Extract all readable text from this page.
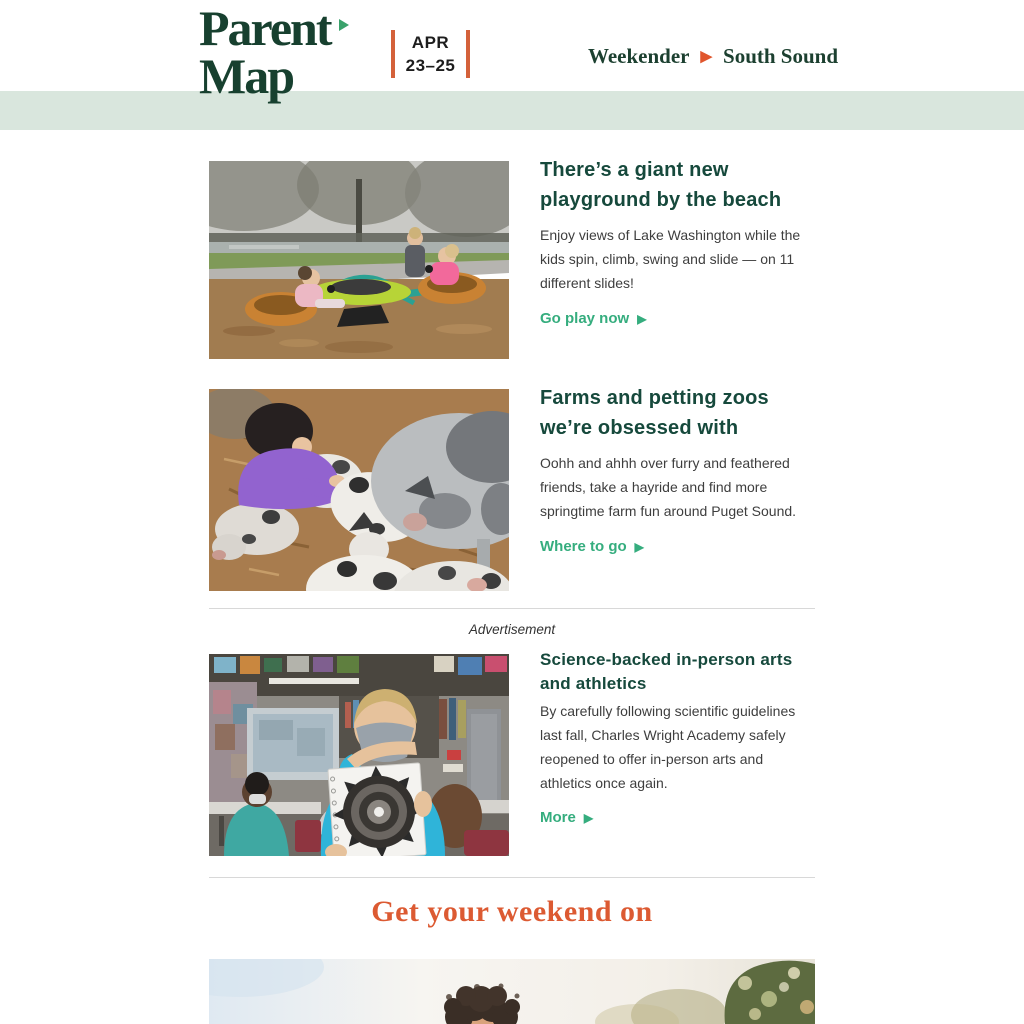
Parent
Map
APR
23–25	Weekender ▶ South Sound
There’s a giant new playground by the beach

Enjoy views of Lake Washington while the kids spin, climb, swing and slide — on 11 different slides!

Go play now ▶
Farms and petting zoos we’re obsessed with

Oohh and ahhh over furry and feathered friends, take a hayride and find more springtime farm fun around Puget Sound.

Where to go ▶
Advertisement
Science-backed in-person arts and athletics

By carefully following scientific guidelines last fall, Charles Wright Academy safely reopened to offer in-person arts and athletics once again.

More ▶
Get your weekend on
